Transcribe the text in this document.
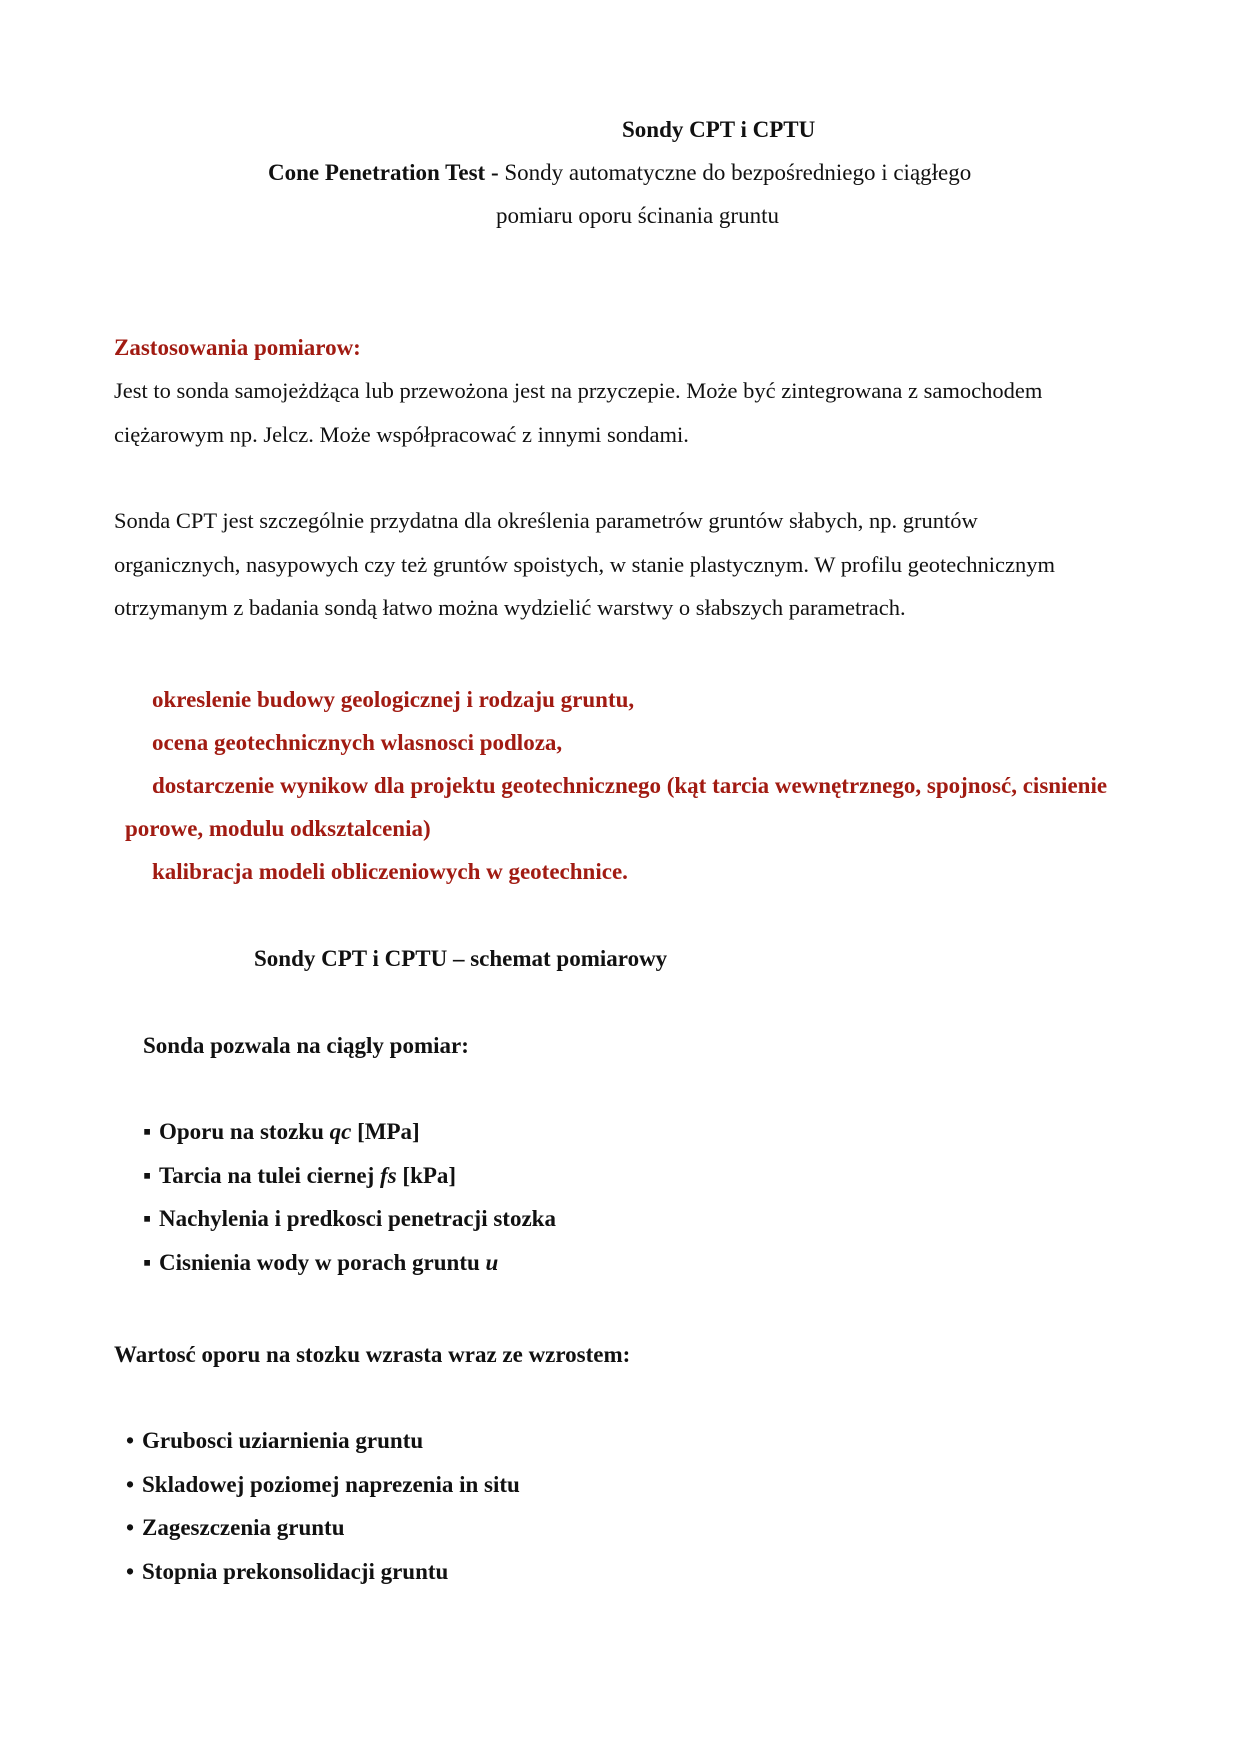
Sondy CPT i CPTU

Cone Penetration Test - Sondy automatyczne do bezpośredniego i ciągłego

pomiaru oporu ścinania gruntu

Zastosowania pomiarow:

Jest to sonda samojeżdżąca lub przewożona jest na przyczepie. Może być zintegrowana z samochodem
ciężarowym np. Jelcz. Może współpracować z innymi sondami.
Sonda CPT jest szczególnie przydatna dla określenia parametrów gruntów słabych, np. gruntów
organicznych, nasypowych czy też gruntów spoistych, w stanie plastycznym. W profilu geotechnicznym
otrzymanym z badania sondą łatwo można wydzielić warstwy o słabszych parametrach.

okreslenie budowy geologicznej i rodzaju gruntu,

ocena geotechnicznych wlasnosci podloza,

dostarczenie wynikow dla projektu geotechnicznego (kąt tarcia wewnętrznego, spojnosć, cisnienie

porowe, modulu odksztalcenia)

kalibracja modeli obliczeniowych w geotechnice.

Sondy CPT i CPTU – schemat pomiarowy

Sonda pozwala na ciągly pomiar:

▪ Oporu na stozku qc [MPa]
▪ Tarcia na tulei ciernej fs [kPa]
▪ Nachylenia i predkosci penetracji stozka
▪ Cisnienia wody w porach gruntu u

Wartosć oporu na stozku wzrasta wraz ze wzrostem:

• Grubosci uziarnienia gruntu
• Skladowej poziomej naprezenia in situ
• Zageszczenia gruntu
• Stopnia prekonsolidacji gruntu
